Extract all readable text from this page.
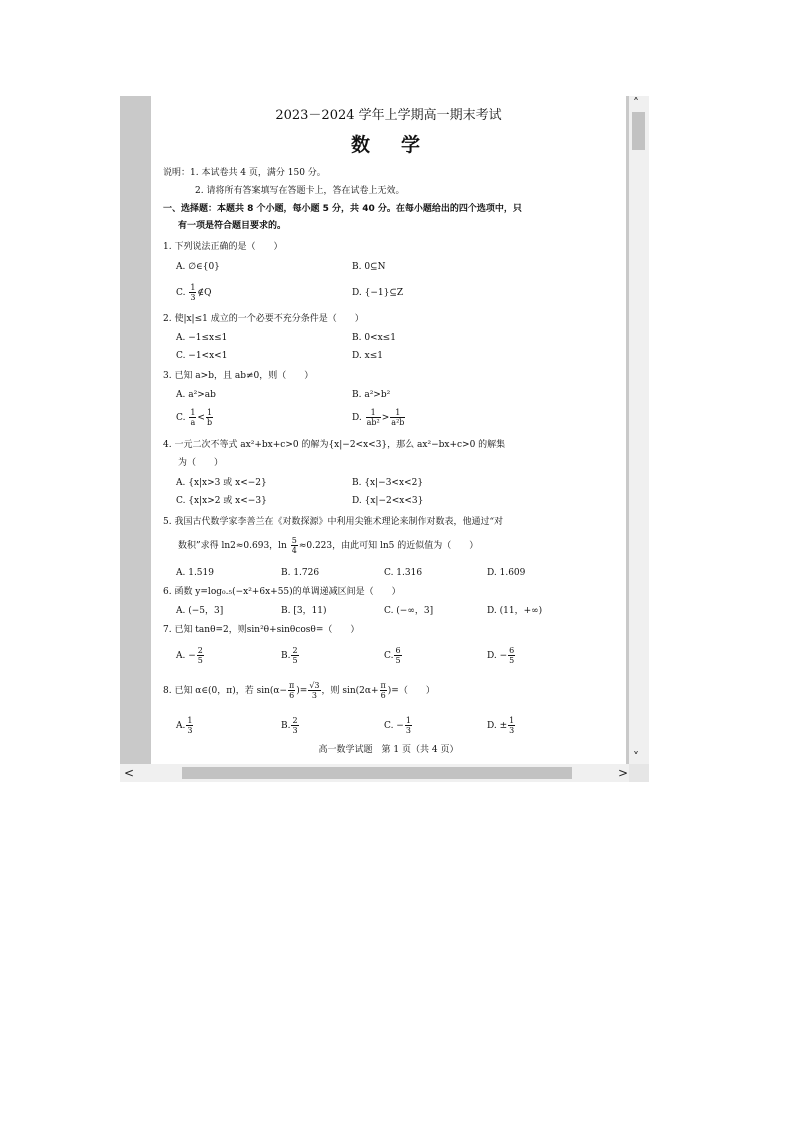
2023－2024 学年上学期高一期末考试
数　学
说明：1. 本试卷共 4 页，满分 150 分。
2. 请将所有答案填写在答题卡上，答在试卷上无效。
一、选择题：本题共 8 个小题，每小题 5 分，共 40 分。在每小题给出的四个选项中，只
有一项是符合题目要求的。
1. 下列说法正确的是（　　）
A. ∅∈{0}	B. 0⊆N
C. $\frac{1}{3}$ ∉Q	D. {−1}⊆Z
2. 使|x|≤1 成立的一个必要不充分条件是（　　）
A. −1≤x≤1	B. 0<x≤1
C. −1<x<1	D. x≤1
3. 已知 a>b，且 ab≠0，则（　　）
A. a²>ab	B. a²>b²
C. $\frac{1}{a} < \frac{1}{b}$	D. $\frac{1}{\text{ab²}} > \frac{1}{\text{a²b}}$
4. 一元二次不等式 ax²+bx+c>0 的解为{x|−2<x<3}，那么 ax²−bx+c>0 的解集
为（　　）
A. {x|x>3 或 x<−2}	B. {x|−3<x<2}
C. {x|x>2 或 x<−3}	D. {x|−2<x<3}
5. 我国古代数学家李善兰在《对数探源》中利用尖锥术理论来制作对数表，他通过“对
数积”求得 ln2≈0.693，$\ln \frac{5}{4} \approx 0.223$，由此可知 ln5 的近似值为（　　）
A. 1.519	B. 1.726	C. 1.316	D. 1.609
6. 函数 y=log₀.₅(−x²+6x+55)的单调递减区间是（　　）
A. (−5，3]	B. [3，11)	C. (−∞，3]	D. (11，+∞)
7. 已知 tanθ=2，则sin²θ+sinθcosθ=（　　）
A. − $\frac{2}{5}$	B. $\frac{2}{5}$	C. $\frac{6}{5}$	D. − $\frac{6}{5}$
8. 已知 α∈(0，π)，若 $\sin(\alpha- \frac{\pi}{6}$ )= $\frac{√3}{3}$ ，则 $\sin(2\alpha+ \frac{\pi}{6}$ )=（　　）
A. $\frac{1}{3}$	B. $\frac{2}{3}$	C. − $\frac{1}{3}$	D. ± $\frac{1}{3}$
高一数学试题　第 1 页（共 4 页）
˄
˅
<	>
